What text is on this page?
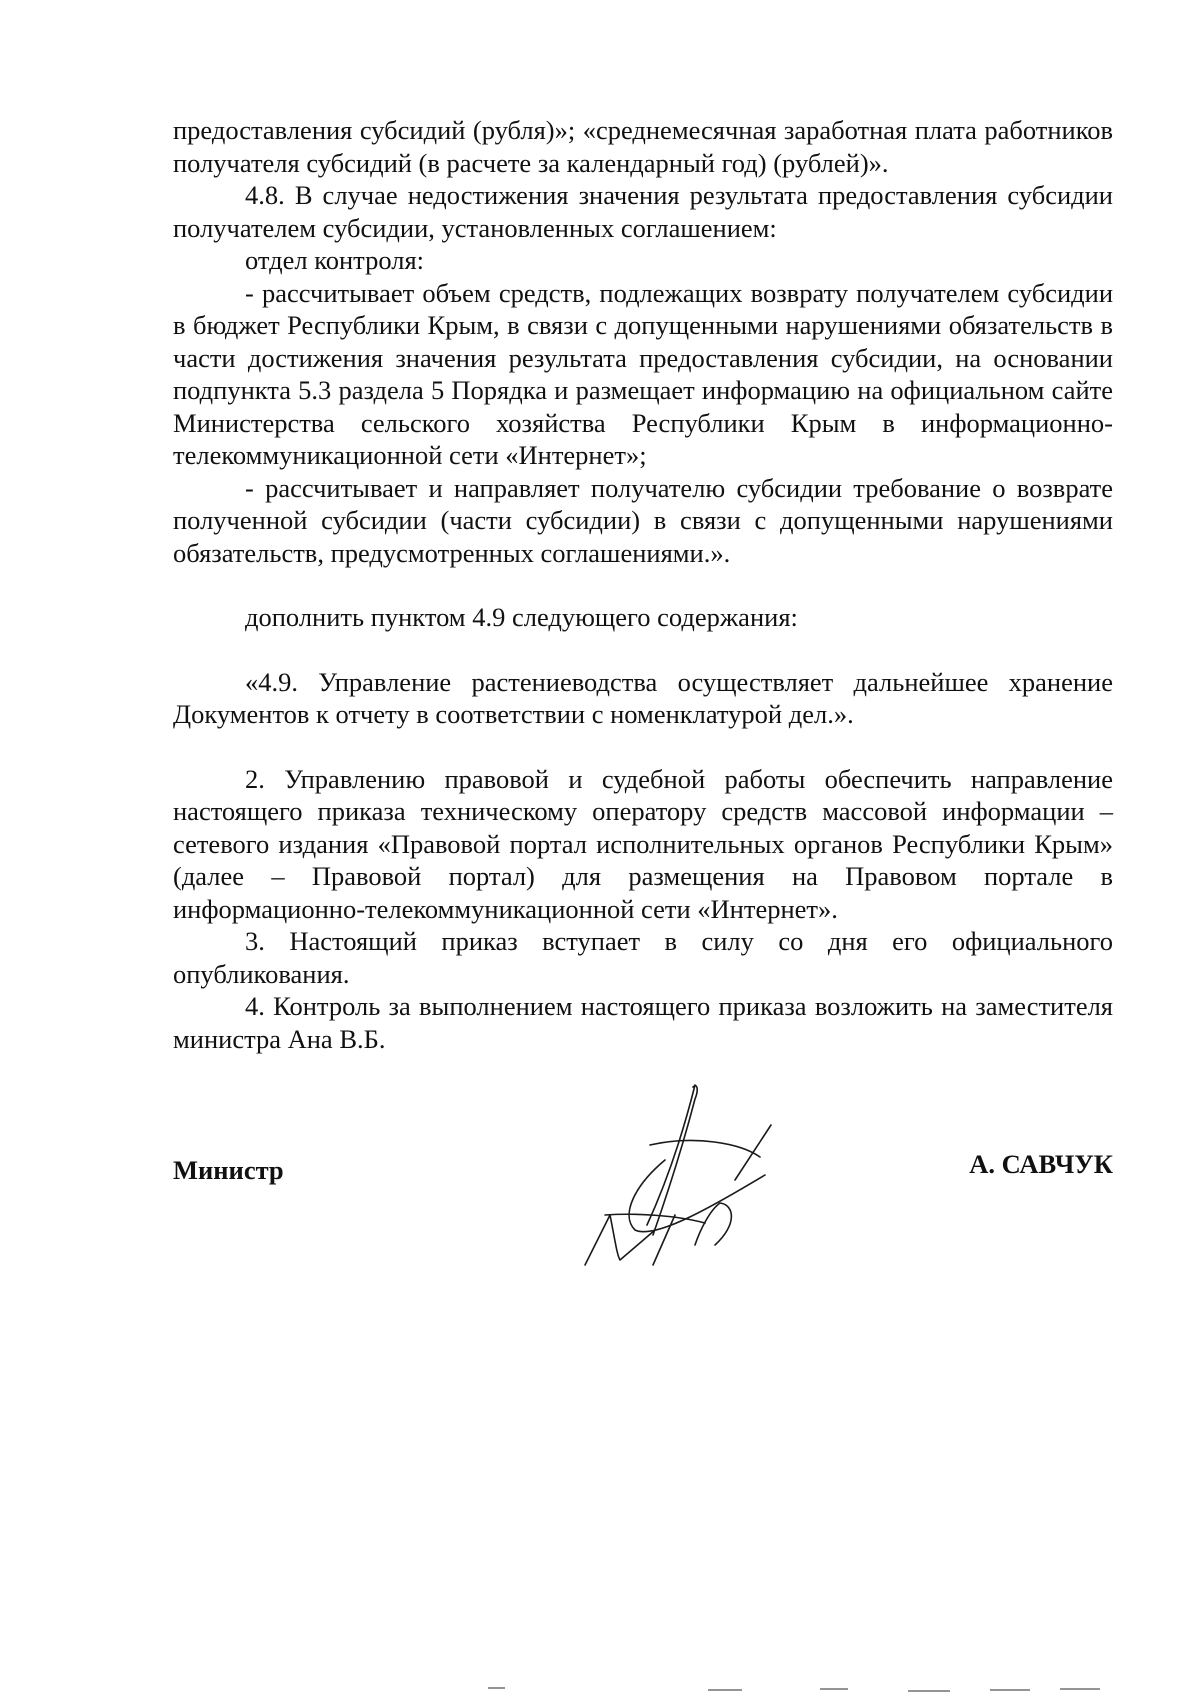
предоставления субсидий (рубля)»; «среднемесячная заработная плата работников получателя субсидий (в расчете за календарный год) (рублей)».

4.8. В случае недостижения значения результата предоставления субсидии получателем субсидии, установленных соглашением:

отдел контроля:

- рассчитывает объем средств, подлежащих возврату получателем субсидии в бюджет Республики Крым, в связи с допущенными нарушениями обязательств в части достижения значения результата предоставления субсидии, на основании подпункта 5.3 раздела 5 Порядка и размещает информацию на официальном сайте Министерства сельского хозяйства Республики Крым в информационно-телекоммуникационной сети «Интернет»;

- рассчитывает и направляет получателю субсидии требование о возврате полученной субсидии (части субсидии) в связи с допущенными нарушениями обязательств, предусмотренных соглашениями.».

дополнить пунктом 4.9 следующего содержания:

«4.9. Управление растениеводства осуществляет дальнейшее хранение Документов к отчету в соответствии с номенклатурой дел.».

2. Управлению правовой и судебной работы обеспечить направление настоящего приказа техническому оператору средств массовой информации – сетевого издания «Правовой портал исполнительных органов Республики Крым» (далее – Правовой портал) для размещения на Правовом портале в информационно-телекоммуникационной сети «Интернет».

3. Настоящий приказ вступает в силу со дня его официального опубликования.

4. Контроль за выполнением настоящего приказа возложить на заместителя министра Ана В.Б.

Министр	А. САВЧУК
